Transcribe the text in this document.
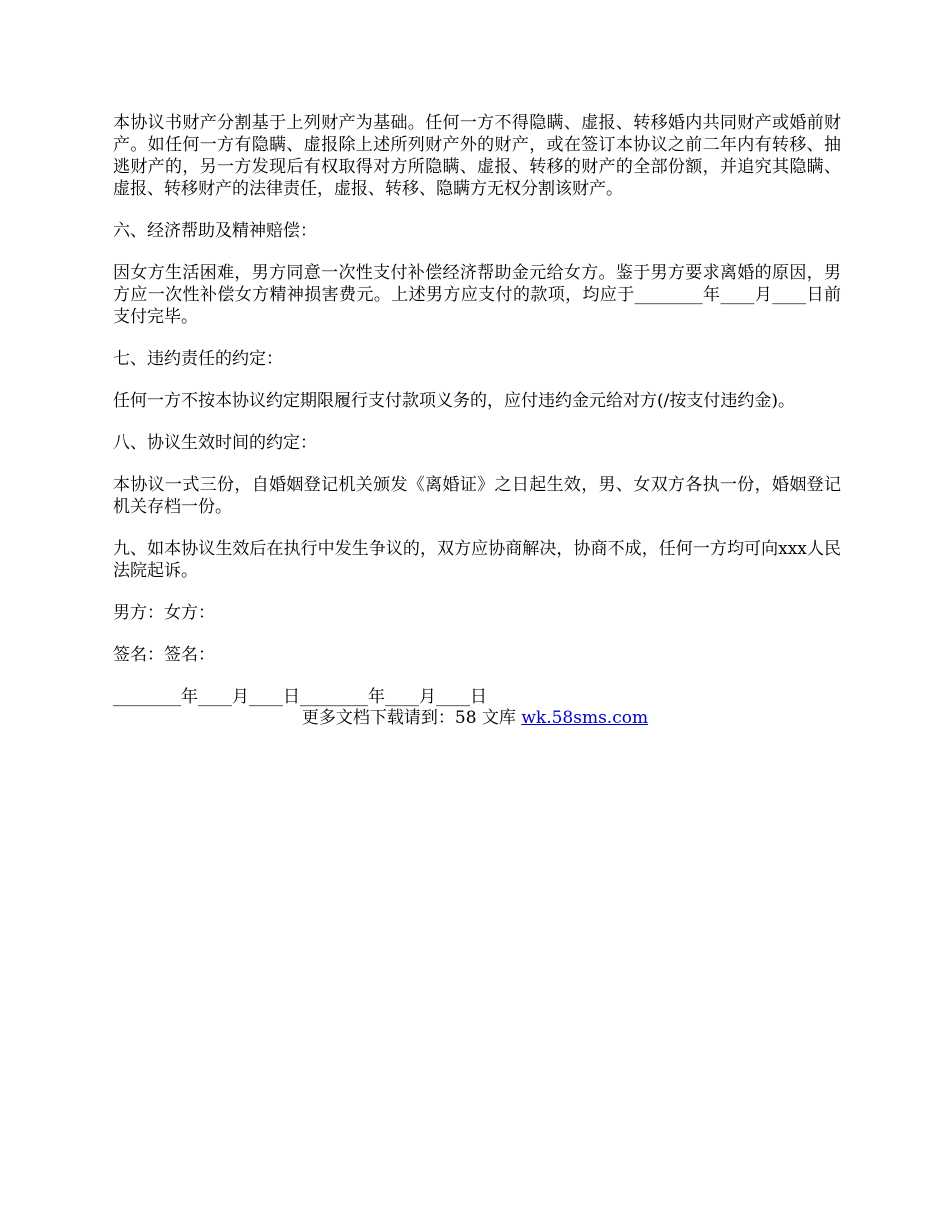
本协议书财产分割基于上列财产为基础。任何一方不得隐瞒、虚报、转移婚内共同财产或婚前财产。如任何一方有隐瞒、虚报除上述所列财产外的财产，或在签订本协议之前二年内有转移、抽逃财产的，另一方发现后有权取得对方所隐瞒、虚报、转移的财产的全部份额，并追究其隐瞒、虚报、转移财产的法律责任，虚报、转移、隐瞒方无权分割该财产。

六、经济帮助及精神赔偿：

因女方生活困难，男方同意一次性支付补偿经济帮助金元给女方。鉴于男方要求离婚的原因，男方应一次性补偿女方精神损害费元。上述男方应支付的款项，均应于________年____月____日前支付完毕。

七、违约责任的约定：

任何一方不按本协议约定期限履行支付款项义务的，应付违约金元给对方(/按支付违约金)。

八、协议生效时间的约定：

本协议一式三份，自婚姻登记机关颁发《离婚证》之日起生效，男、女双方各执一份，婚姻登记机关存档一份。

九、如本协议生效后在执行中发生争议的，双方应协商解决，协商不成，任何一方均可向xxx人民法院起诉。

男方：女方：

签名：签名：

________年____月____日________年____月____日

更多文档下载请到：58 文库 wk.58sms.com
